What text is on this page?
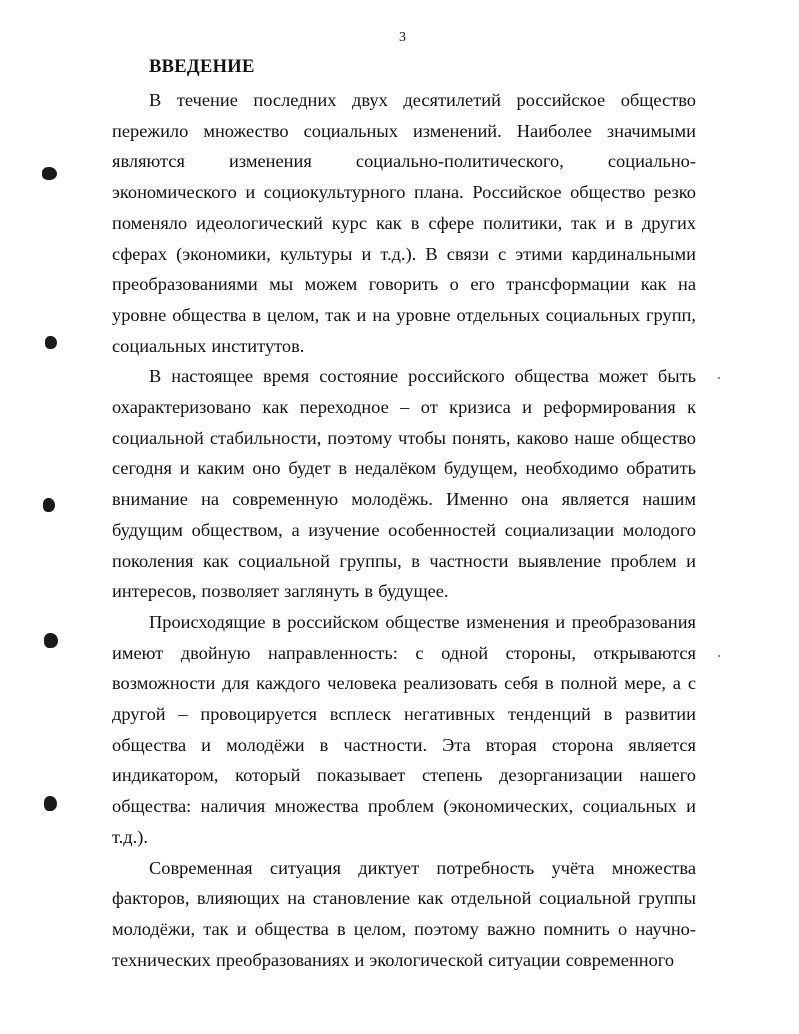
3
ВВЕДЕНИЕ

В течение последних двух десятилетий российское общество пережило множество социальных изменений. Наиболее значимыми являются изменения социально-политического, социально-экономического и социокультурного плана. Российское общество резко поменяло идеологический курс как в сфере политики, так и в других сферах (экономики, культуры и т.д.). В связи с этими кардинальными преобразованиями мы можем говорить о его трансформации как на уровне общества в целом, так и на уровне отдельных социальных групп, социальных институтов.

В настоящее время состояние российского общества может быть охарактеризовано как переходное – от кризиса и реформирования к социальной стабильности, поэтому чтобы понять, каково наше общество сегодня и каким оно будет в недалёком будущем, необходимо обратить внимание на современную молодёжь. Именно она является нашим будущим обществом, а изучение особенностей социализации молодого поколения как социальной группы, в частности выявление проблем и интересов, позволяет заглянуть в будущее.

Происходящие в российском обществе изменения и преобразования имеют двойную направленность: с одной стороны, открываются возможности для каждого человека реализовать себя в полной мере, а с другой – провоцируется всплеск негативных тенденций в развитии общества и молодёжи в частности. Эта вторая сторона является индикатором, который показывает степень дезорганизации нашего общества: наличия множества проблем (экономических, социальных и т.д.).

Современная ситуация диктует потребность учёта множества факторов, влияющих на становление как отдельной социальной группы молодёжи, так и общества в целом, поэтому важно помнить о научно-технических преобразованиях и экологической ситуации современного
